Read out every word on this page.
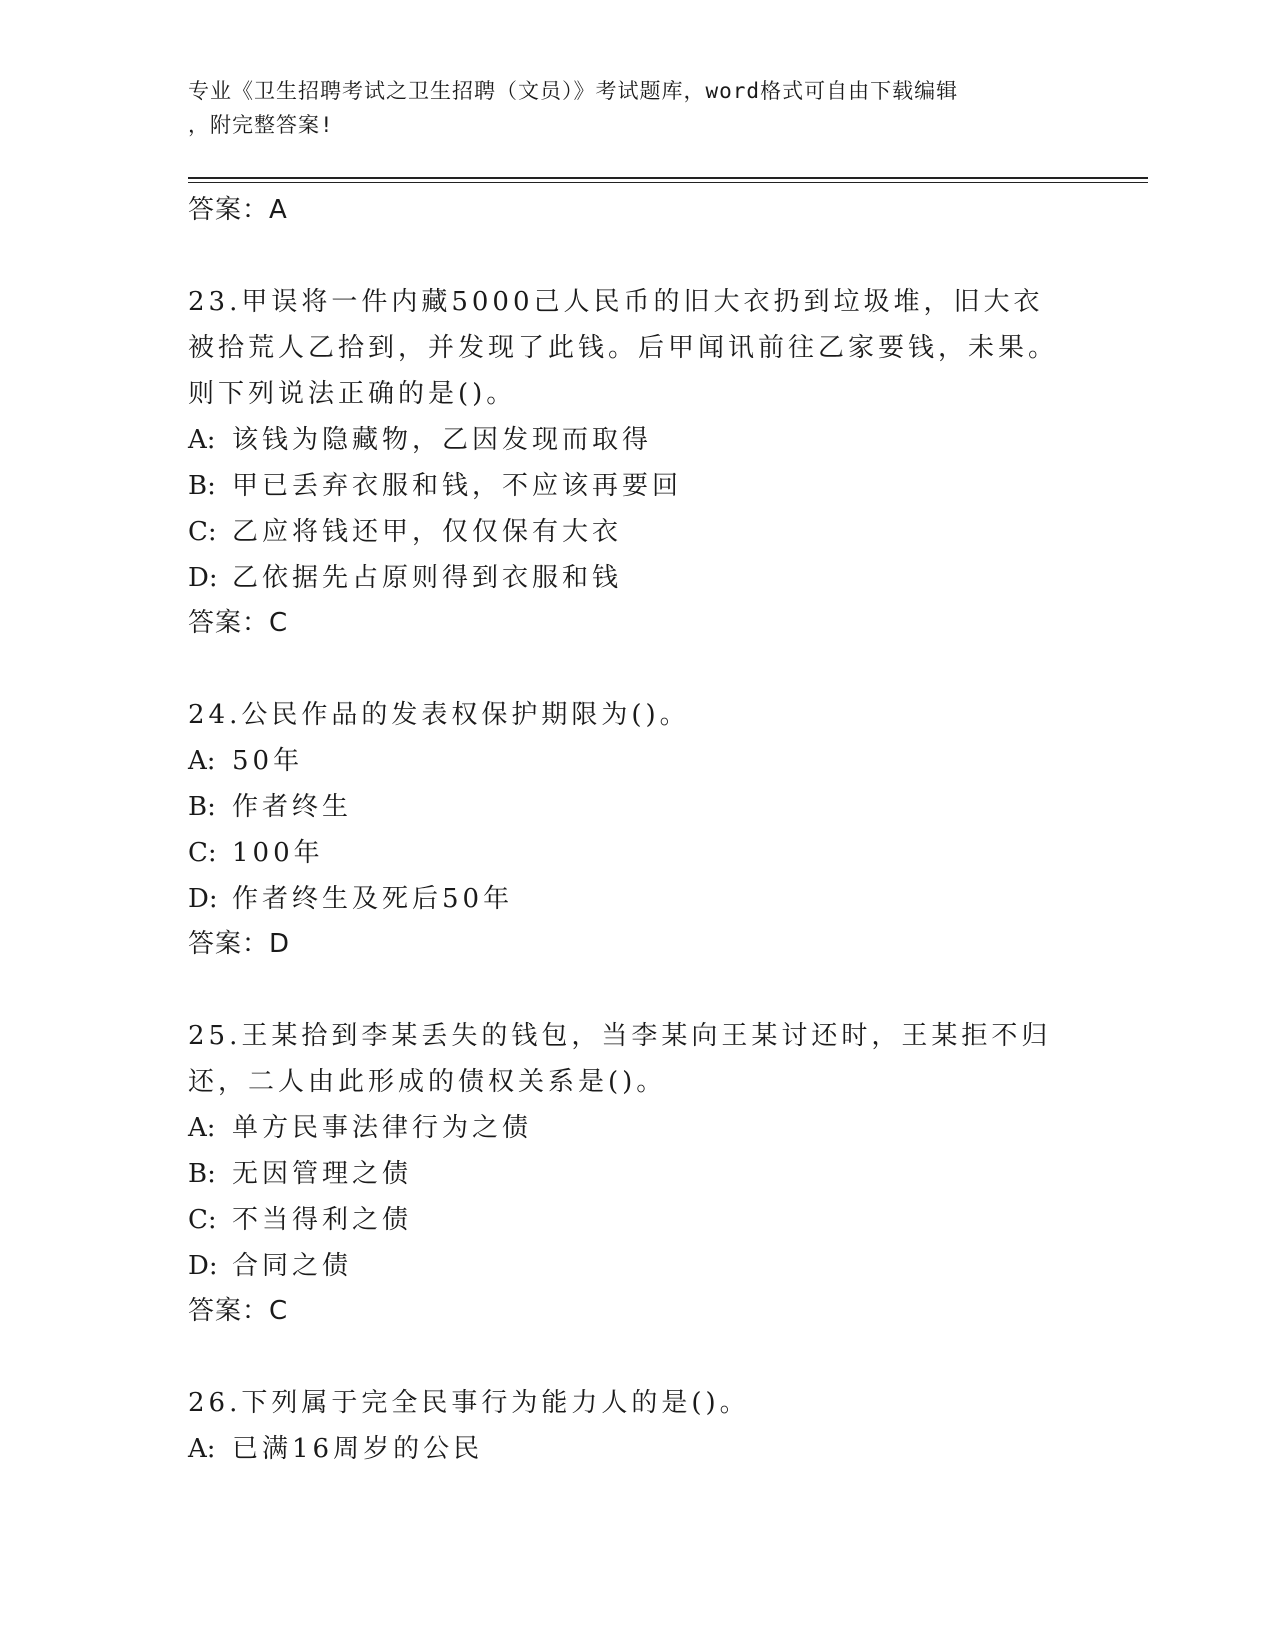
专业《卫生招聘考试之卫生招聘（文员）》考试题库，word格式可自由下载编辑
，附完整答案!
答案：A
23.甲误将一件内藏5000己人民币的旧大衣扔到垃圾堆，旧大衣被拾荒人乙拾到，并发现了此钱。后甲闻讯前往乙家要钱，未果。则下列说法正确的是()。
A: 该钱为隐藏物，乙因发现而取得
B: 甲已丢弃衣服和钱，不应该再要回
C: 乙应将钱还甲，仅仅保有大衣
D: 乙依据先占原则得到衣服和钱
答案：C
24.公民作品的发表权保护期限为()。
A: 50年
B: 作者终生
C: 100年
D: 作者终生及死后50年
答案：D
25.王某拾到李某丢失的钱包，当李某向王某讨还时，王某拒不归还，二人由此形成的债权关系是()。
A: 单方民事法律行为之债
B: 无因管理之债
C: 不当得利之债
D: 合同之债
答案：C
26.下列属于完全民事行为能力人的是()。
A: 已满16周岁的公民
